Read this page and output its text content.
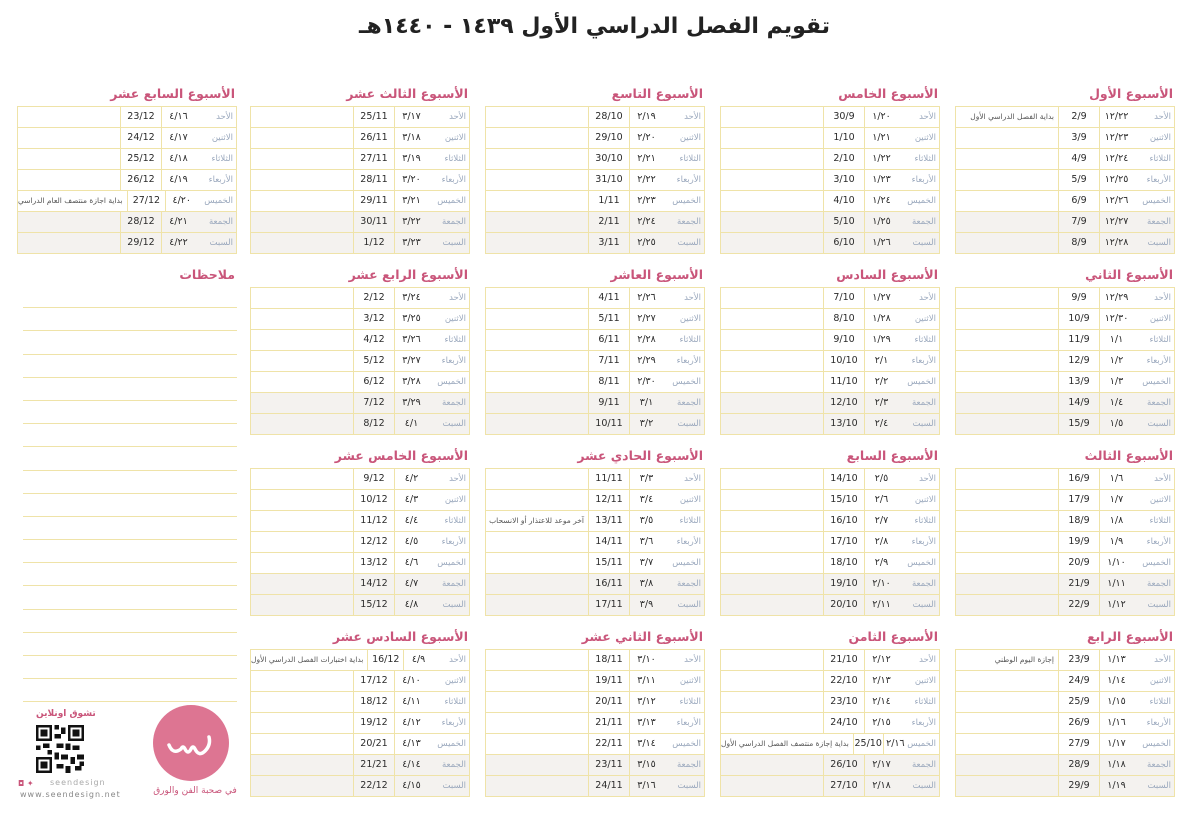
تقويم الفصل الدراسي الأول ١٤٣٩ - ١٤٤٠هـ
الأسبوع الأول
الأحد
١٢/٢٢
2/9
بداية الفصل الدراسي الأول
الاثنين
١٢/٢٣
3/9
الثلاثاء
١٢/٢٤
4/9
الأربعاء
١٢/٢٥
5/9
الخميس
١٢/٢٦
6/9
الجمعة
١٢/٢٧
7/9
السبت
١٢/٢٨
8/9
الأسبوع الخامس
الأحد
١/٢٠
30/9
الاثنين
١/٢١
1/10
الثلاثاء
١/٢٢
2/10
الأربعاء
١/٢٣
3/10
الخميس
١/٢٤
4/10
الجمعة
١/٢٥
5/10
السبت
١/٢٦
6/10
الأسبوع التاسع
الأحد
٢/١٩
28/10
الاثنين
٢/٢٠
29/10
الثلاثاء
٢/٢١
30/10
الأربعاء
٢/٢٢
31/10
الخميس
٢/٢٣
1/11
الجمعة
٢/٢٤
2/11
السبت
٢/٢٥
3/11
الأسبوع الثالث عشر
الأحد
٣/١٧
25/11
الاثنين
٣/١٨
26/11
الثلاثاء
٣/١٩
27/11
الأربعاء
٣/٢٠
28/11
الخميس
٣/٢١
29/11
الجمعة
٣/٢٢
30/11
السبت
٣/٢٣
1/12
الأسبوع السابع عشر
الأحد
٤/١٦
23/12
الاثنين
٤/١٧
24/12
الثلاثاء
٤/١٨
25/12
الأربعاء
٤/١٩
26/12
الخميس
٤/٢٠
27/12
بداية اجازة منتصف العام الدراسي
الجمعة
٤/٢١
28/12
السبت
٤/٢٢
29/12
الأسبوع الثاني
الأحد
١٢/٢٩
9/9
الاثنين
١٢/٣٠
10/9
الثلاثاء
١/١
11/9
الأربعاء
١/٢
12/9
الخميس
١/٣
13/9
الجمعة
١/٤
14/9
السبت
١/٥
15/9
الأسبوع السادس
الأحد
١/٢٧
7/10
الاثنين
١/٢٨
8/10
الثلاثاء
١/٢٩
9/10
الأربعاء
٢/١
10/10
الخميس
٢/٢
11/10
الجمعة
٢/٣
12/10
السبت
٢/٤
13/10
الأسبوع العاشر
الأحد
٢/٢٦
4/11
الاثنين
٢/٢٧
5/11
الثلاثاء
٢/٢٨
6/11
الأربعاء
٢/٢٩
7/11
الخميس
٢/٣٠
8/11
الجمعة
٣/١
9/11
السبت
٣/٢
10/11
الأسبوع الرابع عشر
الأحد
٣/٢٤
2/12
الاثنين
٣/٢٥
3/12
الثلاثاء
٣/٢٦
4/12
الأربعاء
٣/٢٧
5/12
الخميس
٣/٢٨
6/12
الجمعة
٣/٢٩
7/12
السبت
٤/١
8/12
الأسبوع الثالث
الأحد
١/٦
16/9
الاثنين
١/٧
17/9
الثلاثاء
١/٨
18/9
الأربعاء
١/٩
19/9
الخميس
١/١٠
20/9
الجمعة
١/١١
21/9
السبت
١/١٢
22/9
الأسبوع السابع
الأحد
٢/٥
14/10
الاثنين
٢/٦
15/10
الثلاثاء
٢/٧
16/10
الأربعاء
٢/٨
17/10
الخميس
٢/٩
18/10
الجمعة
٢/١٠
19/10
السبت
٢/١١
20/10
الأسبوع الحادي عشر
الأحد
٣/٣
11/11
الاثنين
٣/٤
12/11
الثلاثاء
٣/٥
13/11
آخر موعد للاعتذار أو الانسحاب
الأربعاء
٣/٦
14/11
الخميس
٣/٧
15/11
الجمعة
٣/٨
16/11
السبت
٣/٩
17/11
الأسبوع الخامس عشر
الأحد
٤/٢
9/12
الاثنين
٤/٣
10/12
الثلاثاء
٤/٤
11/12
الأربعاء
٤/٥
12/12
الخميس
٤/٦
13/12
الجمعة
٤/٧
14/12
السبت
٤/٨
15/12
الأسبوع الرابع
الأحد
١/١٣
23/9
إجازة اليوم الوطني
الاثنين
١/١٤
24/9
الثلاثاء
١/١٥
25/9
الأربعاء
١/١٦
26/9
الخميس
١/١٧
27/9
الجمعة
١/١٨
28/9
السبت
١/١٩
29/9
الأسبوع الثامن
الأحد
٢/١٢
21/10
الاثنين
٢/١٣
22/10
الثلاثاء
٢/١٤
23/10
الأربعاء
٢/١٥
24/10
الخميس
٢/١٦
25/10
بداية إجازة منتصف الفصل الدراسي الأول
الجمعة
٢/١٧
26/10
السبت
٢/١٨
27/10
الأسبوع الثاني عشر
الأحد
٣/١٠
18/11
الاثنين
٣/١١
19/11
الثلاثاء
٣/١٢
20/11
الأربعاء
٣/١٣
21/11
الخميس
٣/١٤
22/11
الجمعة
٣/١٥
23/11
السبت
٣/١٦
24/11
الأسبوع السادس عشر
الأحد
٤/٩
16/12
بداية اختبارات الفصل الدراسي الأول
الاثنين
٤/١٠
17/12
الثلاثاء
٤/١١
18/12
الأربعاء
٤/١٢
19/12
الخميس
٤/١٣
20/21
الجمعة
٤/١٤
21/21
السبت
٤/١٥
22/12
ملاحظات
تشوق اونلاين
◘ ✦ seendesign
www.seendesign.net	في صحبة الفن والورق
